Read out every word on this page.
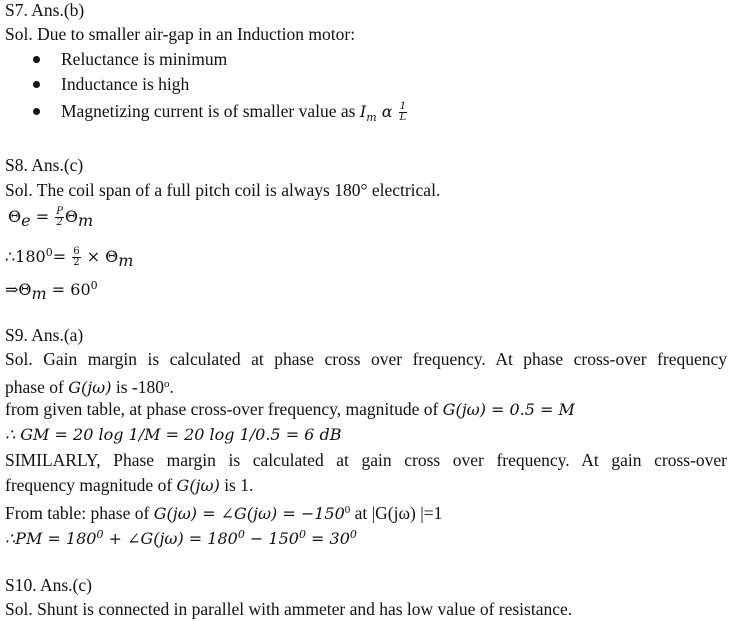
S7. Ans.(b)
Sol. Due to smaller air-gap in an Induction motor:
Reluctance is minimum
Inductance is high
Magnetizing current is of smaller value as $I_m$ α $\frac{1}{L}$
S8. Ans.(c)
Sol. The coil span of a full pitch coil is always 180° electrical.
$\Theta_e = \frac{P}{2} \Theta_m$
$\therefore 180^0= \frac{6}{2} \times \Theta_m$
$\Rightarrow\Theta_m = 60^0$
S9. Ans.(a)
Sol. Gain margin is calculated at phase cross over frequency. At phase cross-over frequency
phase of G(jω) is -180$^o$.
from given table, at phase cross-over frequency, magnitude of G(jω) = 0.5 = M
∴ GM = 20 log 1/M = 20 log 1/0.5 = 6 dB
SIMILARLY, Phase margin is calculated at gain cross over frequency. At gain cross-over
frequency magnitude of G(jω) is 1.
From table: phase of G(jω) = ∠G(jω) = $-150^0$ at |G(jω) |=1
∴PM = $180^0$ + ∠G(jω) = $180^0 - 150^0 = 30^0$
S10. Ans.(c)
Sol. Shunt is connected in parallel with ammeter and has low value of resistance.
